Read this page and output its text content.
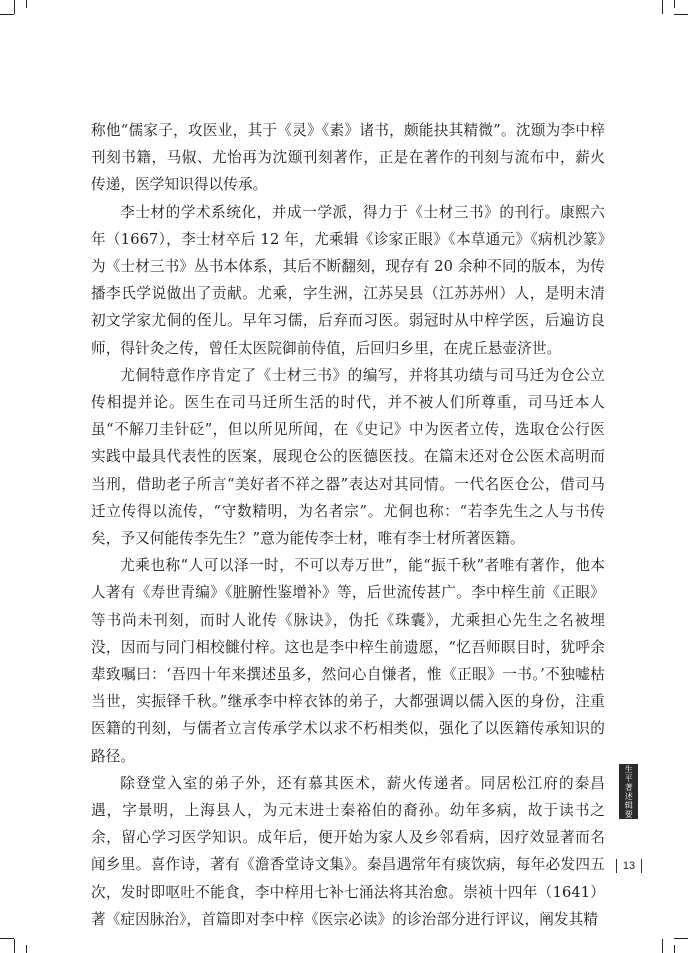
称他“儒家子，攻医业，其于《灵》《素》诸书，颇能抉其精微”。沈颋为李中梓刊刻书籍，马俶、尤怡再为沈颋刊刻著作，正是在著作的刊刻与流布中，薪火传递，医学知识得以传承。

李士材的学术系统化，并成一学派，得力于《士材三书》的刊行。康熙六年（1667），李士材卒后 12 年，尤乘辑《诊家正眼》《本草通元》《病机沙篆》为《士材三书》丛书本体系，其后不断翻刻，现存有 20 余种不同的版本，为传播李氏学说做出了贡献。尤乘，字生洲，江苏吴县（江苏苏州）人，是明末清初文学家尤侗的侄儿。早年习儒，后弃而习医。弱冠时从中梓学医，后遍访良师，得针灸之传，曾任太医院御前侍值，后回归乡里，在虎丘悬壶济世。

尤侗特意作序肯定了《士材三书》的编写，并将其功绩与司马迁为仓公立传相提并论。医生在司马迁所生活的时代，并不被人们所尊重，司马迁本人虽“不解刀圭针砭”，但以所见所闻，在《史记》中为医者立传，选取仓公行医实践中最具代表性的医案，展现仓公的医德医技。在篇末还对仓公医术高明而当刑，借助老子所言“美好者不祥之器”表达对其同情。一代名医仓公，借司马迁立传得以流传，“守数精明，为名者宗”。尤侗也称：“若李先生之人与书传矣，予又何能传李先生？”意为能传李士材，唯有李士材所著医籍。

尤乘也称“人可以泽一时，不可以寿万世”，能“振千秋”者唯有著作，他本人著有《寿世青编》《脏腑性鉴增补》等，后世流传甚广。李中梓生前《正眼》等书尚未刊刻，而时人讹传《脉诀》，伪托《珠囊》，尤乘担心先生之名被埋没，因而与同门相校雠付梓。这也是李中梓生前遗愿，“忆吾师瞑目时，犹呼余辈致嘱曰：‘吾四十年来撰述虽多，然问心自慊者，惟《正眼》一书。’不独嘘枯当世，实振铎千秋。”继承李中梓衣钵的弟子，大都强调以儒入医的身份，注重医籍的刊刻，与儒者立言传承学术以求不朽相类似，强化了以医籍传承知识的路径。

除登堂入室的弟子外，还有慕其医术，薪火传递者。同居松江府的秦昌遇，字景明，上海县人，为元末进士秦裕伯的裔孙。幼年多病，故于读书之余，留心学习医学知识。成年后，便开始为家人及乡邻看病，因疗效显著而名闻乡里。喜作诗，著有《澹香堂诗文集》。秦昌遇常年有痰饮病，每年必发四五次，发时即呕吐不能食，李中梓用七补七涌法将其治愈。崇祯十四年（1641）著《症因脉治》，首篇即对李中梓《医宗必读》的诊治部分进行评议，阐发其精

生平著述辑要
13
